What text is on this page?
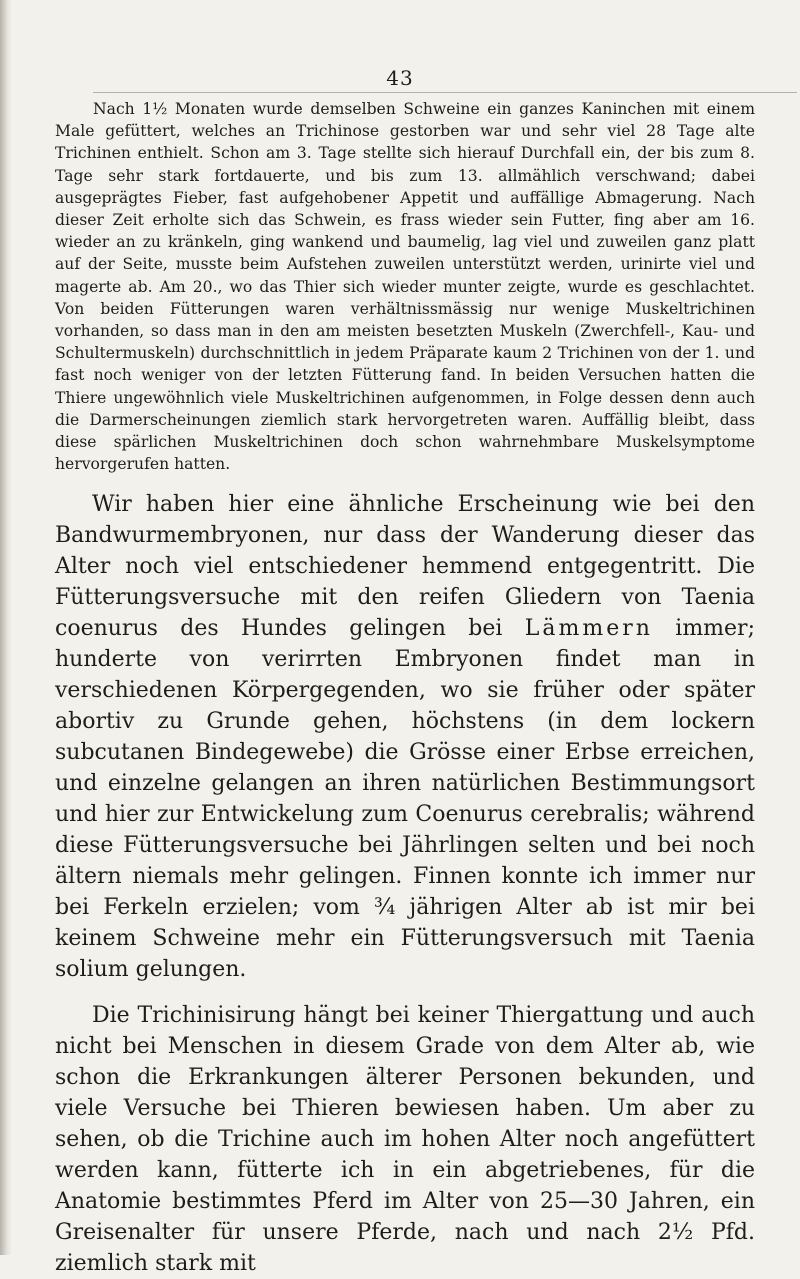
43

Nach 1½ Monaten wurde demselben Schweine ein ganzes Kaninchen mit einem Male gefüttert, welches an Trichinose gestorben war und sehr viel 28 Tage alte Trichinen enthielt. Schon am 3. Tage stellte sich hierauf Durchfall ein, der bis zum 8. Tage sehr stark fortdauerte, und bis zum 13. allmählich verschwand; dabei ausgeprägtes Fieber, fast aufgehobener Appetit und auffällige Abmagerung. Nach dieser Zeit erholte sich das Schwein, es frass wieder sein Futter, fing aber am 16. wieder an zu kränkeln, ging wankend und baumelig, lag viel und zuweilen ganz platt auf der Seite, musste beim Aufstehen zuweilen unterstützt werden, urinirte viel und magerte ab. Am 20., wo das Thier sich wieder munter zeigte, wurde es geschlachtet. Von beiden Fütterungen waren verhältnissmässig nur wenige Muskeltrichinen vorhanden, so dass man in den am meisten besetzten Muskeln (Zwerchfell-, Kau- und Schultermuskeln) durchschnittlich in jedem Präparate kaum 2 Trichinen von der 1. und fast noch weniger von der letzten Fütterung fand. In beiden Versuchen hatten die Thiere ungewöhnlich viele Muskeltrichinen aufgenommen, in Folge dessen denn auch die Darmerscheinungen ziemlich stark hervorgetreten waren. Auffällig bleibt, dass diese spärlichen Muskeltrichinen doch schon wahrnehmbare Muskelsymptome hervorgerufen hatten.

Wir haben hier eine ähnliche Erscheinung wie bei den Bandwurmembryonen, nur dass der Wanderung dieser das Alter noch viel entschiedener hemmend entgegentritt. Die Fütterungsversuche mit den reifen Gliedern von Taenia coenurus des Hundes gelingen bei Lämmern immer; hunderte von verirrten Embryonen findet man in verschiedenen Körpergegenden, wo sie früher oder später abortiv zu Grunde gehen, höchstens (in dem lockern subcutanen Bindegewebe) die Grösse einer Erbse erreichen, und einzelne gelangen an ihren natürlichen Bestimmungsort und hier zur Entwickelung zum Coenurus cerebralis; während diese Fütterungsversuche bei Jährlingen selten und bei noch ältern niemals mehr gelingen. Finnen konnte ich immer nur bei Ferkeln erzielen; vom ¾ jährigen Alter ab ist mir bei keinem Schweine mehr ein Fütterungsversuch mit Taenia solium gelungen.

Die Trichinisirung hängt bei keiner Thiergattung und auch nicht bei Menschen in diesem Grade von dem Alter ab, wie schon die Erkrankungen älterer Personen bekunden, und viele Versuche bei Thieren bewiesen haben. Um aber zu sehen, ob die Trichine auch im hohen Alter noch angefüttert werden kann, fütterte ich in ein abgetriebenes, für die Anatomie bestimmtes Pferd im Alter von 25—30 Jahren, ein Greisenalter für unsere Pferde, nach und nach 2½ Pfd. ziemlich stark mit
